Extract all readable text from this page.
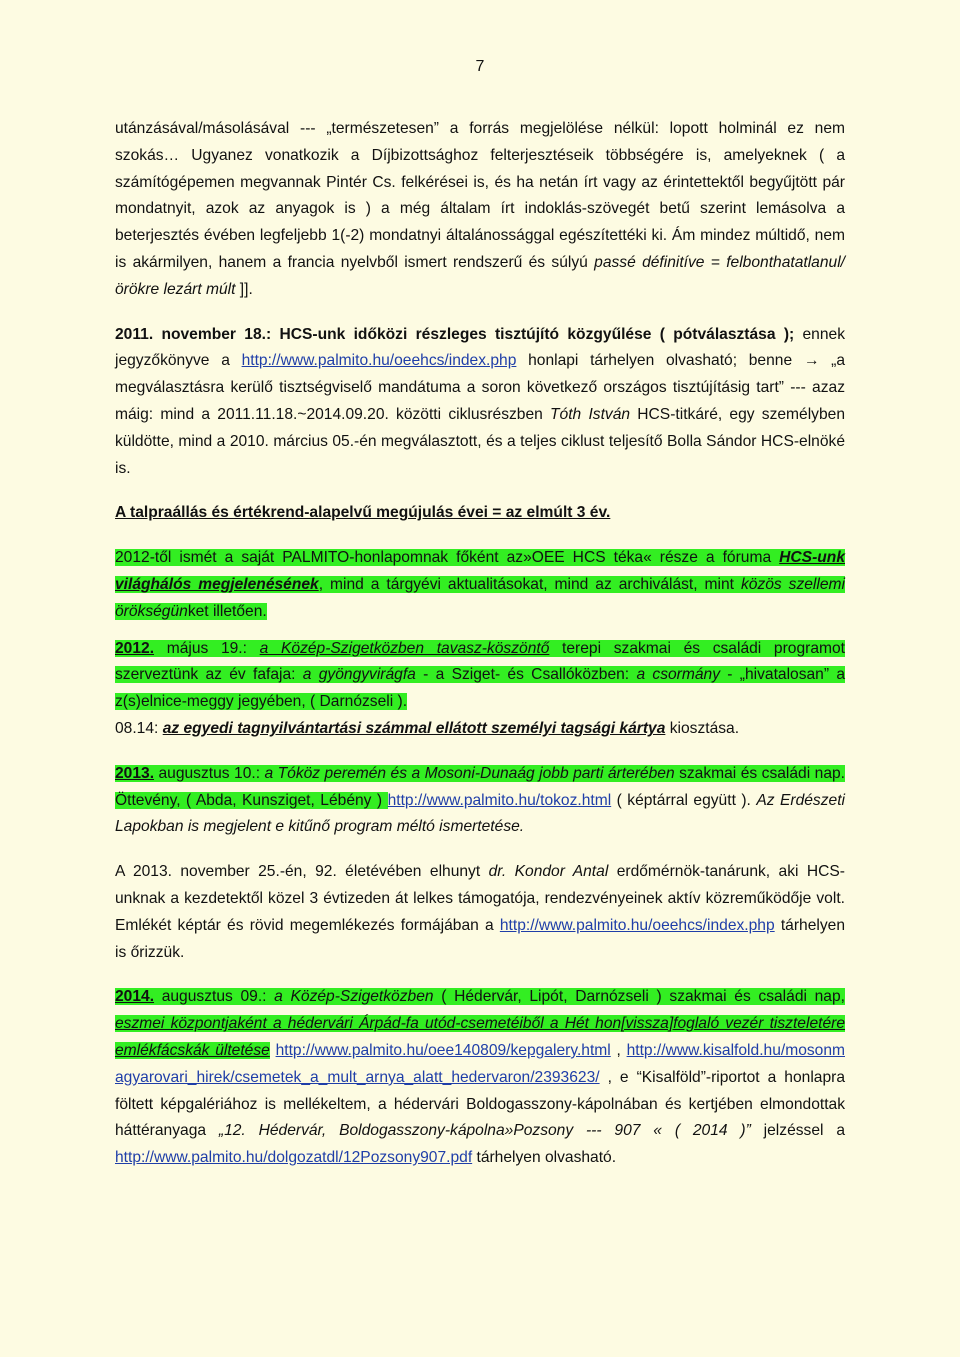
7

utánzásával/másolásával --- „természetesen” a forrás megjelölése nélkül: lopott holminál ez nem szokás… Ugyanez vonatkozik a Díjbizottsághoz felterjesztéseik többségére is, amelyeknek ( a számítógépemen megvannak Pintér Cs. felkérései is, és ha netán írt vagy az érintettektől begyűjtött pár mondatnyit, azok az anyagok is ) a még általam írt indoklás-szövegét betű szerint lemásolva a beterjesztés évében legfeljebb 1(-2) mondatnyi általánossággal egészítettéki ki. Ám mindez múltidő, nem is akármilyen, hanem a francia nyelvből ismert rendszerű és súlyú passé définitíve = felbonthatatlanul/örökre lezárt múlt ]].

2011. november 18.: HCS-unk időközi részleges tisztújító közgyűlése ( pótválasztása ); ennek jegyzőkönyve a http://www.palmito.hu/oeehcs/index.php honlapi tárhelyen olvasható; benne → „a megválasztásra kerülő tisztségviselő mandátuma a soron következő országos tisztújításig tart” --- azaz máig: mind a 2011.11.18.~2014.09.20. közötti ciklusrészben Tóth István HCS-titkáré, egy személyben küldötte, mind a 2010. március 05.-én megválasztott, és a teljes ciklust teljesítő Bolla Sándor HCS-elnöké is.

A talpraállás és értékrend-alapelvű megújulás évei = az elmúlt 3 év.

2012-től ismét a saját PALMITO-honlapomnak főként az»OEE HCS téka« része a fóruma HCS-unk világhálós megjelenésének, mind a tárgyévi aktualitásokat, mind az archiválást, mint közös szellemi örökségünket illetően.

2012. május 19.: a Közép-Szigetközben tavasz-köszöntő terepi szakmai és családi programot szerveztünk az év fafaja: a gyöngyvirágfa - a Sziget- és Csallóközben: a csormány - „hivatalosan” a z(s)elnice-meggy jegyében, ( Darnózseli ).

08.14: az egyedi tagnyilvántartási számmal ellátott személyi tagsági kártya kiosztása.

2013. augusztus 10.: a Tóköz peremén és a Mosoni-Dunaág jobb parti árterében szakmai és családi nap. Öttevény, ( Abda, Kunsziget, Lébény ) http://www.palmito.hu/tokoz.html ( képtárral együtt ). Az Erdészeti Lapokban is megjelent e kitűnő program méltó ismertetése.

A 2013. november 25.-én, 92. életévében elhunyt dr. Kondor Antal erdőmérnök-tanárunk, aki HCS-unknak a kezdetektől közel 3 évtizeden át lelkes támogatója, rendezvényeinek aktív közreműködője volt. Emlékét képtár és rövid megemlékezés formájában a http://www.palmito.hu/oeehcs/index.php tárhelyen is őrizzük.

2014. augusztus 09.: a Közép-Szigetközben ( Hédervár, Lipót, Darnózseli ) szakmai és családi nap, eszmei központjaként a hédervári Árpád-fa utód-csemetéiből a Hét hon[vissza]foglaló vezér tiszteletére emlékfácskák ültetése http://www.palmito.hu/oee140809/kepgalery.html , http://www.kisalfold.hu/mosonmagyarovari_hirek/csemetek_a_mult_arnya_alatt_hedervaron/2393623/ , e “Kisalföld”-riportot a honlapra föltett képgalériához is mellékeltem, a hédervári Boldogasszony-kápolnában és kertjében elmondottak háttéranyaga „12. Hédervár, Boldogasszony-kápolna»Pozsony --- 907 « ( 2014 )” jelzéssel a http://www.palmito.hu/dolgozatdl/12Pozsony907.pdf tárhelyen olvasható.
